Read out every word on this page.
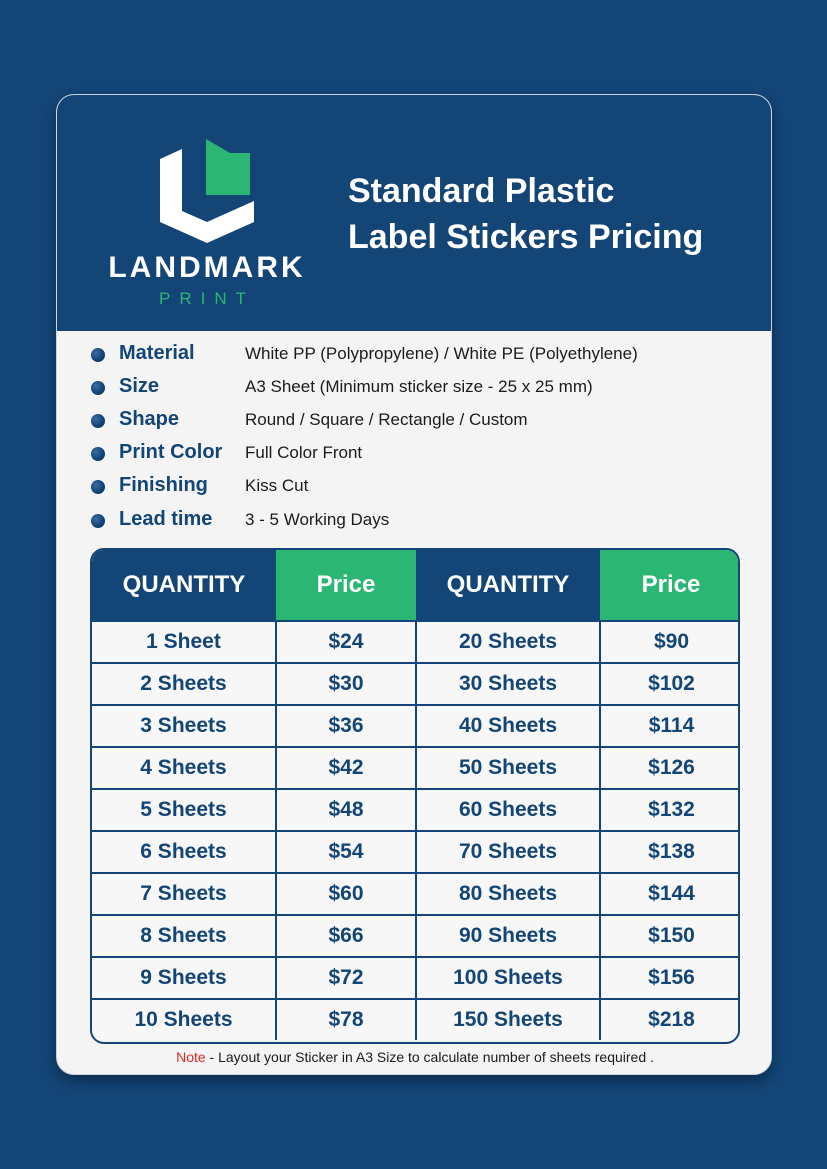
LANDMARK
PRINT
Standard Plastic
Label Stickers Pricing
Material	White PP (Polypropylene) / White PE (Polyethylene)
Size	A3 Sheet (Minimum sticker size - 25 x 25 mm)
Shape	Round / Square / Rectangle / Custom
Print Color Full Color Front
Finishing Kiss Cut
Lead time 3 - 5 Working Days
QUANTITY	Price	QUANTITY	Price
1 Sheet	$24	20 Sheets	$90
2 Sheets	$30	30 Sheets	$102
3 Sheets	$36	40 Sheets	$114
4 Sheets	$42	50 Sheets	$126
5 Sheets	$48	60 Sheets	$132
6 Sheets	$54	70 Sheets	$138
7 Sheets	$60	80 Sheets	$144
8 Sheets	$66	90 Sheets	$150
9 Sheets	$72	100 Sheets	$156
10 Sheets	$78	150 Sheets	$218
Note - Layout your Sticker in A3 Size to calculate number of sheets required .
